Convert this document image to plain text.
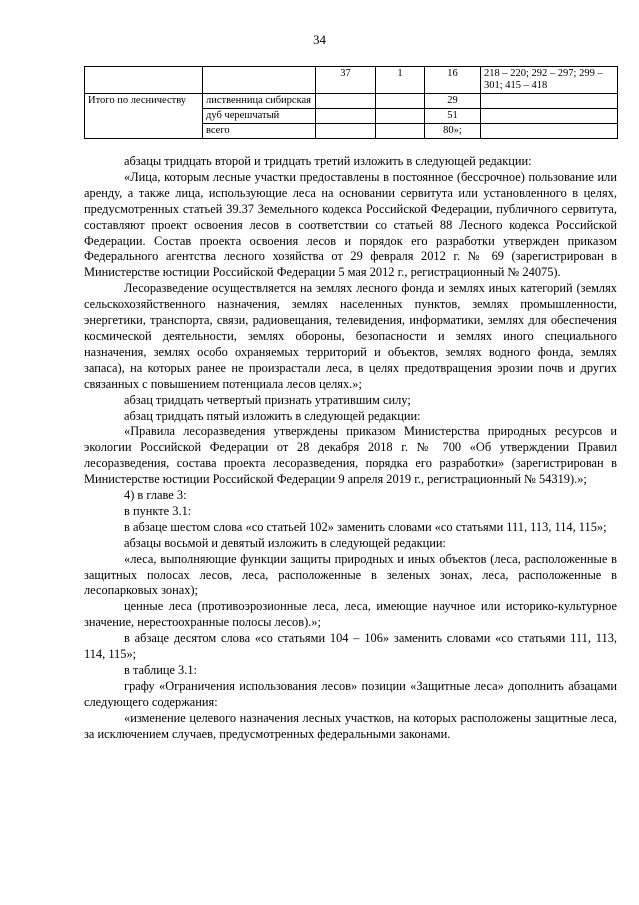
34
		37	1	16	218 – 220; 292 – 297; 299 – 301; 415 – 418
Итого по лесничеству	лиственница сибирская			29	
	дуб черешчатый			51	
	всего			80»;	

абзацы тридцать второй и тридцать третий изложить в следующей редакции:

«Лица, которым лесные участки предоставлены в постоянное (бессрочное) пользование или аренду, а также лица, использующие леса на основании сервитута или установленного в целях, предусмотренных статьей 39.37 Земельного кодекса Российской Федерации, публичного сервитута, составляют проект освоения лесов в соответствии со статьей 88 Лесного кодекса Российской Федерации. Состав проекта освоения лесов и порядок его разработки утвержден приказом Федерального агентства лесного хозяйства от 29 февраля 2012 г. № 69 (зарегистрирован в Министерстве юстиции Российской Федерации 5 мая 2012 г., регистрационный № 24075).

Лесоразведение осуществляется на землях лесного фонда и землях иных категорий (землях сельскохозяйственного назначения, землях населенных пунктов, землях промышленности, энергетики, транспорта, связи, радиовещания, телевидения, информатики, землях для обеспечения космической деятельности, землях обороны, безопасности и землях иного специального назначения, землях особо охраняемых территорий и объектов, землях водного фонда, землях запаса), на которых ранее не произрастали леса, в целях предотвращения эрозии почв и других связанных с повышением потенциала лесов целях.»;

абзац тридцать четвертый признать утратившим силу;

абзац тридцать пятый изложить в следующей редакции:

«Правила лесоразведения утверждены приказом Министерства природных ресурсов и экологии Российской Федерации от 28 декабря 2018 г. № 700 «Об утверждении Правил лесоразведения, состава проекта лесоразведения, порядка его разработки» (зарегистрирован в Министерстве юстиции Российской Федерации 9 апреля 2019 г., регистрационный № 54319).»;

4) в главе 3:

в пункте 3.1:

в абзаце шестом слова «со статьей 102» заменить словами «со статьями 111, 113, 114, 115»;

абзацы восьмой и девятый изложить в следующей редакции:

«леса, выполняющие функции защиты природных и иных объектов (леса, расположенные в защитных полосах лесов, леса, расположенные в зеленых зонах, леса, расположенные в лесопарковых зонах);

ценные леса (противоэрозионные леса, леса, имеющие научное или историко-культурное значение, нерестоохранные полосы лесов).»;

в абзаце десятом слова «со статьями 104 – 106» заменить словами «со статьями 111, 113, 114, 115»;

в таблице 3.1:

графу «Ограничения использования лесов» позиции «Защитные леса» дополнить абзацами следующего содержания:

«изменение целевого назначения лесных участков, на которых расположены защитные леса, за исключением случаев, предусмотренных федеральными законами.
